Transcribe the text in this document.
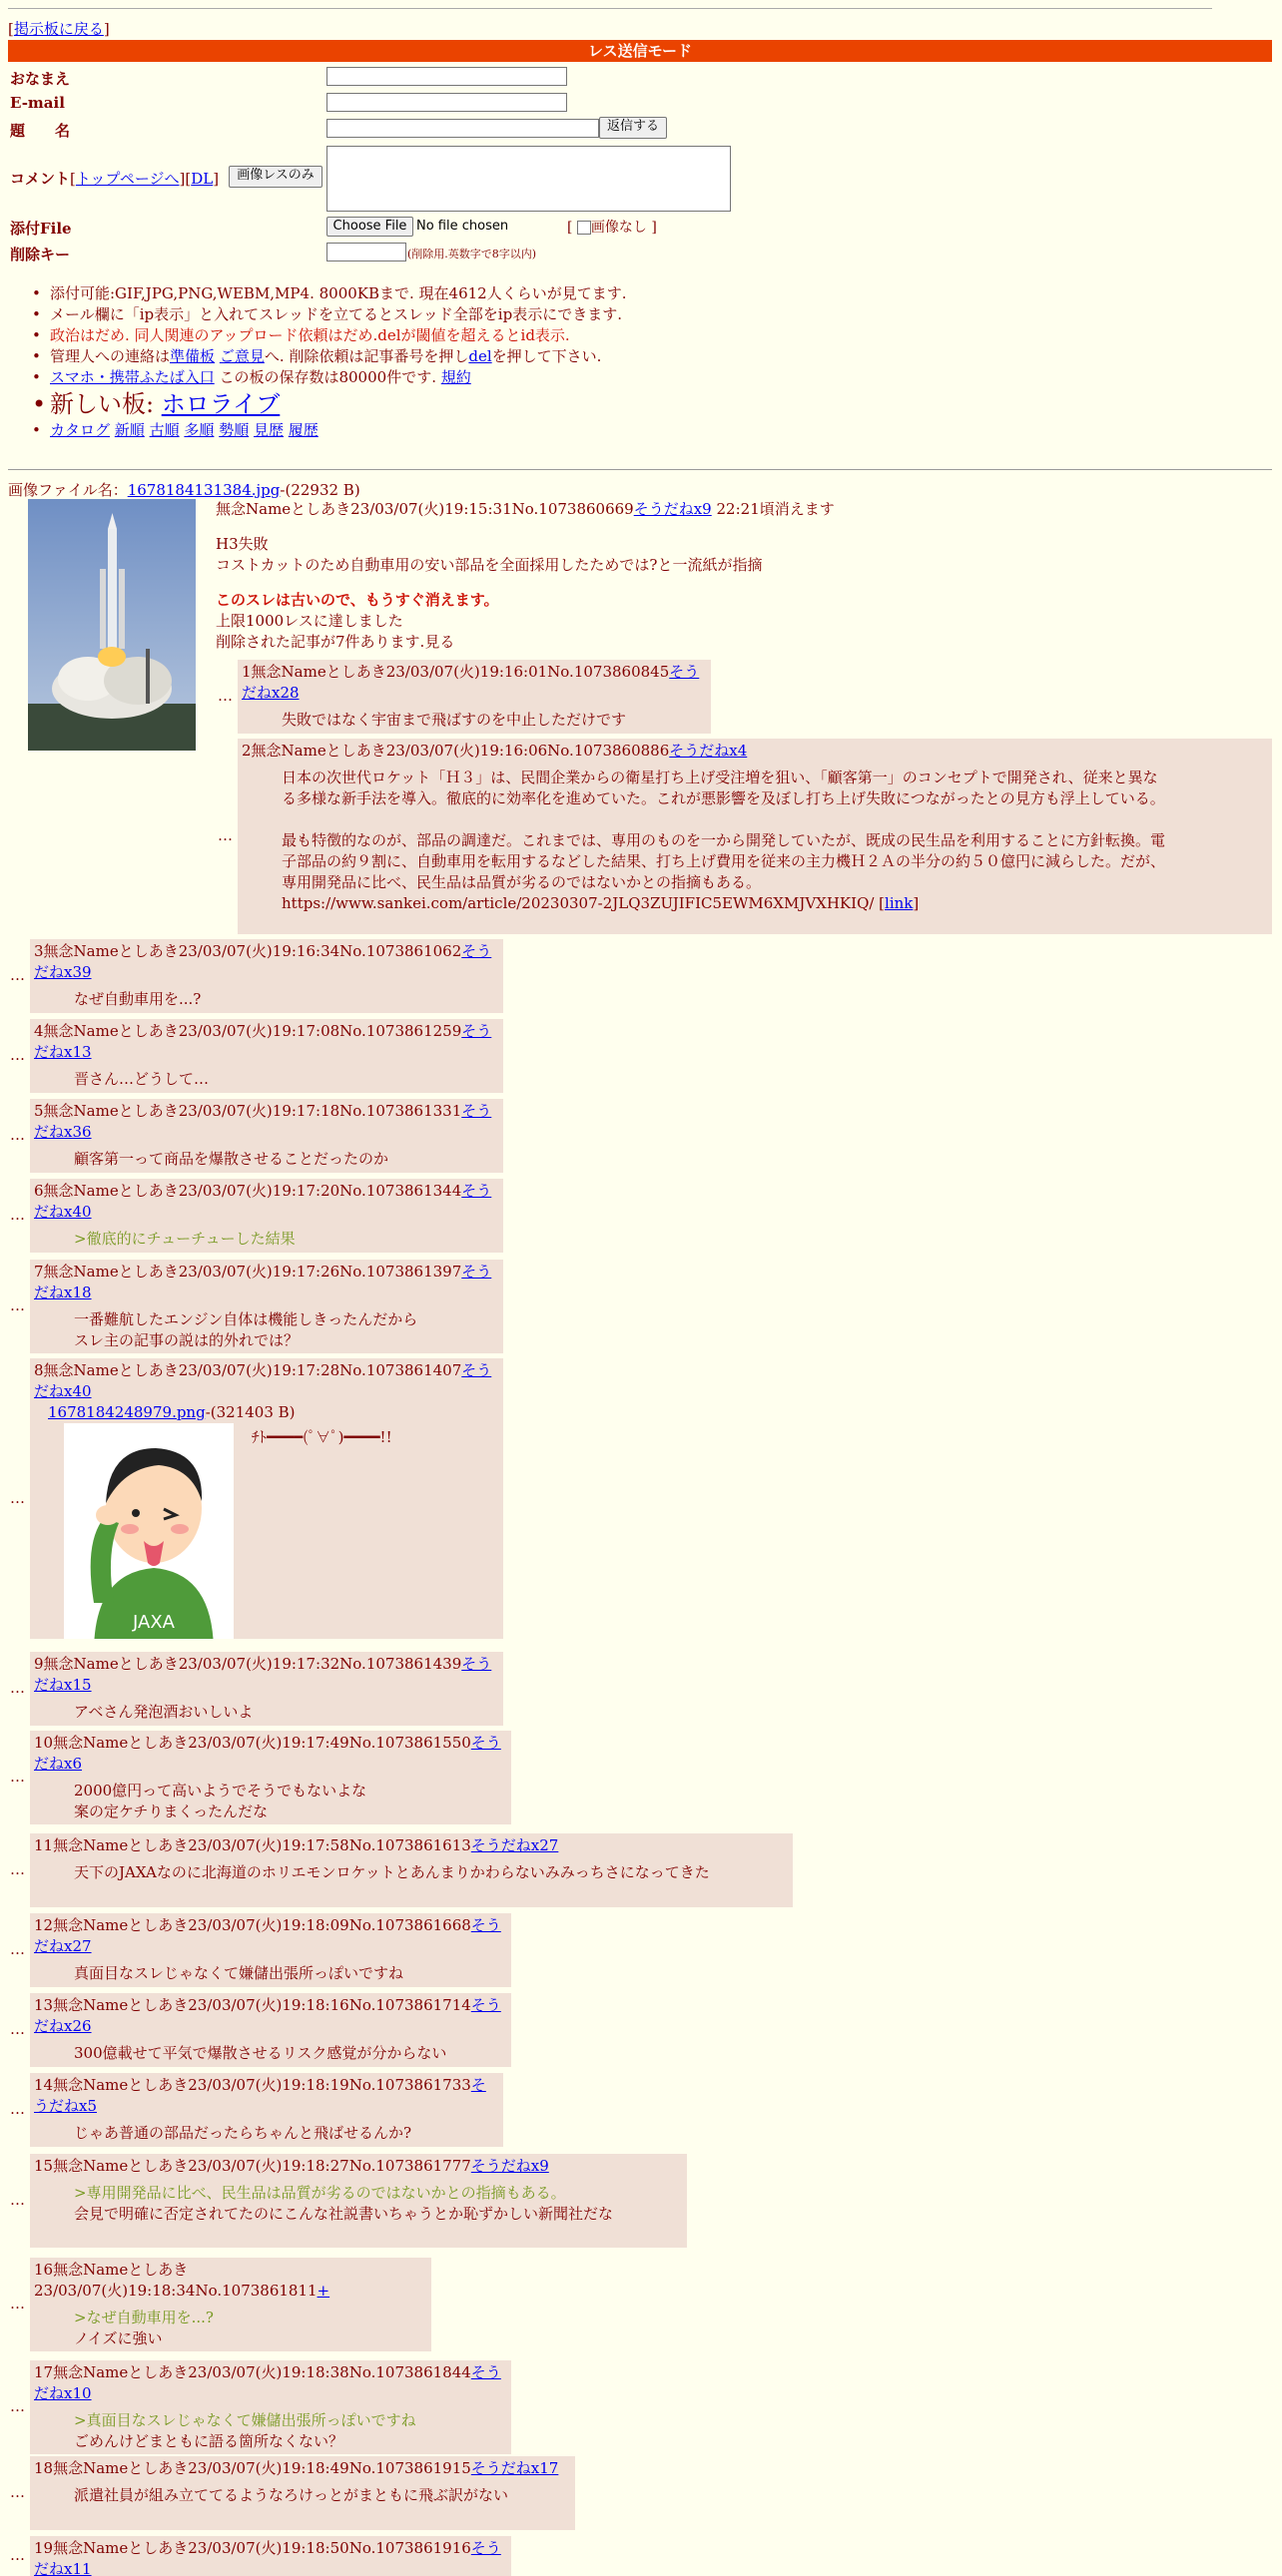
[掲示板に戻る]
レス送信モード
おなまえ
E-mail
題　　名	返信する
コメント[トップページへ][DL]	画像レスのみ
添付File	Choose File No file chosen	[ 画像なし ]
削除キー	(削除用.英数字で8字以内)
• 添付可能:GIF,JPG,PNG,WEBM,MP4. 8000KBまで. 現在4612人くらいが見てます.
• メール欄に「ip表示」と入れてスレッドを立てるとスレッド全部をip表示にできます.
• 政治はだめ. 同人関連のアップロード依頼はだめ.delが閾値を超えるとid表示.
• 管理人への連絡は準備板 ご意見へ. 削除依頼は記事番号を押しdelを押して下さい.
• スマホ・携帯ふたば入口 この板の保存数は80000件です. 規約
• 新しい板: ホロライブ
• カタログ 新順 古順 多順 勢順 見歴 履歴
画像ファイル名：1678184131384.jpg-(22932 B)
無念Nameとしあき23/03/07(火)19:15:31No.1073860669そうだねx9 22:21頃消えます
H3失敗
コストカットのため自動車用の安い部品を全面採用したためでは?と一流紙が指摘
このスレは古いので、もうすぐ消えます。
上限1000レスに達しました
削除された記事が7件あります.見る
…
1無念Nameとしあき23/03/07(火)19:16:01No.1073860845そうだねx28
失敗ではなく宇宙まで飛ばすのを中止しただけです
…
2無念Nameとしあき23/03/07(火)19:16:06No.1073860886そうだねx4
日本の次世代ロケット「Ｈ３」は、民間企業からの衛星打ち上げ受注増を狙い、「顧客第一」のコンセプトで開発され、従来と異な
る多様な新手法を導入。徹底的に効率化を進めていた。これが悪影響を及ぼし打ち上げ失敗につながったとの見方も浮上している。
最も特徴的なのが、部品の調達だ。これまでは、専用のものを一から開発していたが、既成の民生品を利用することに方針転換。電
子部品の約９割に、自動車用を転用するなどした結果、打ち上げ費用を従来の主力機Ｈ２Ａの半分の約５０億円に減らした。だが、
専用開発品に比べ、民生品は品質が劣るのではないかとの指摘もある。
https://www.sankei.com/article/20230307-2JLQ3ZUJIFIC5EWM6XMJVXHKIQ/ [link]
…
3無念Nameとしあき23/03/07(火)19:16:34No.1073861062そうだねx39
なぜ自動車用を...?
…
4無念Nameとしあき23/03/07(火)19:17:08No.1073861259そうだねx13
晋さん…どうして…
…
5無念Nameとしあき23/03/07(火)19:17:18No.1073861331そうだねx36
顧客第一って商品を爆散させることだったのか
…
6無念Nameとしあき23/03/07(火)19:17:20No.1073861344そうだねx40
>徹底的にチューチューした結果
…
7無念Nameとしあき23/03/07(火)19:17:26No.1073861397そうだねx18
一番難航したエンジン自体は機能しきったんだから
スレ主の記事の説は的外れでは？
…
8無念Nameとしあき23/03/07(火)19:17:28No.1073861407そうだねx40
1678184248979.png-(321403 B)
JAXA
ﾁﾄ━━━━(ﾟ∀ﾟ)━━━━!!
…
9無念Nameとしあき23/03/07(火)19:17:32No.1073861439そうだねx15
アベさん発泡酒おいしいよ
…
10無念Nameとしあき23/03/07(火)19:17:49No.1073861550そうだねx6
2000億円って高いようでそうでもないよな
案の定ケチりまくったんだな
…
11無念Nameとしあき23/03/07(火)19:17:58No.1073861613そうだねx27
天下のJAXAなのに北海道のホリエモンロケットとあんまりかわらないみみっちさになってきた
…
12無念Nameとしあき23/03/07(火)19:18:09No.1073861668そうだねx27
真面目なスレじゃなくて嫌儲出張所っぽいですね
…
13無念Nameとしあき23/03/07(火)19:18:16No.1073861714そうだねx26
300億載せて平気で爆散させるリスク感覚が分からない
…
14無念Nameとしあき23/03/07(火)19:18:19No.1073861733そうだねx5
じゃあ普通の部品だったらちゃんと飛ばせるんか?
…
15無念Nameとしあき23/03/07(火)19:18:27No.1073861777そうだねx9
>専用開発品に比べ、民生品は品質が劣るのではないかとの指摘もある。
会見で明確に否定されてたのにこんな社説書いちゃうとか恥ずかしい新聞社だな
…
16無念Nameとしあき23/03/07(火)19:18:34No.1073861811+
>なぜ自動車用を...?
ノイズに強い
…
17無念Nameとしあき23/03/07(火)19:18:38No.1073861844そうだねx10
>真面目なスレじゃなくて嫌儲出張所っぽいですね
ごめんけどまともに語る箇所なくない？
…
18無念Nameとしあき23/03/07(火)19:18:49No.1073861915そうだねx17
派遣社員が組み立ててるようなろけっとがまともに飛ぶ訳がない
… 19無念Nameとしあき23/03/07(火)19:18:50No.1073861916そうだねx11
